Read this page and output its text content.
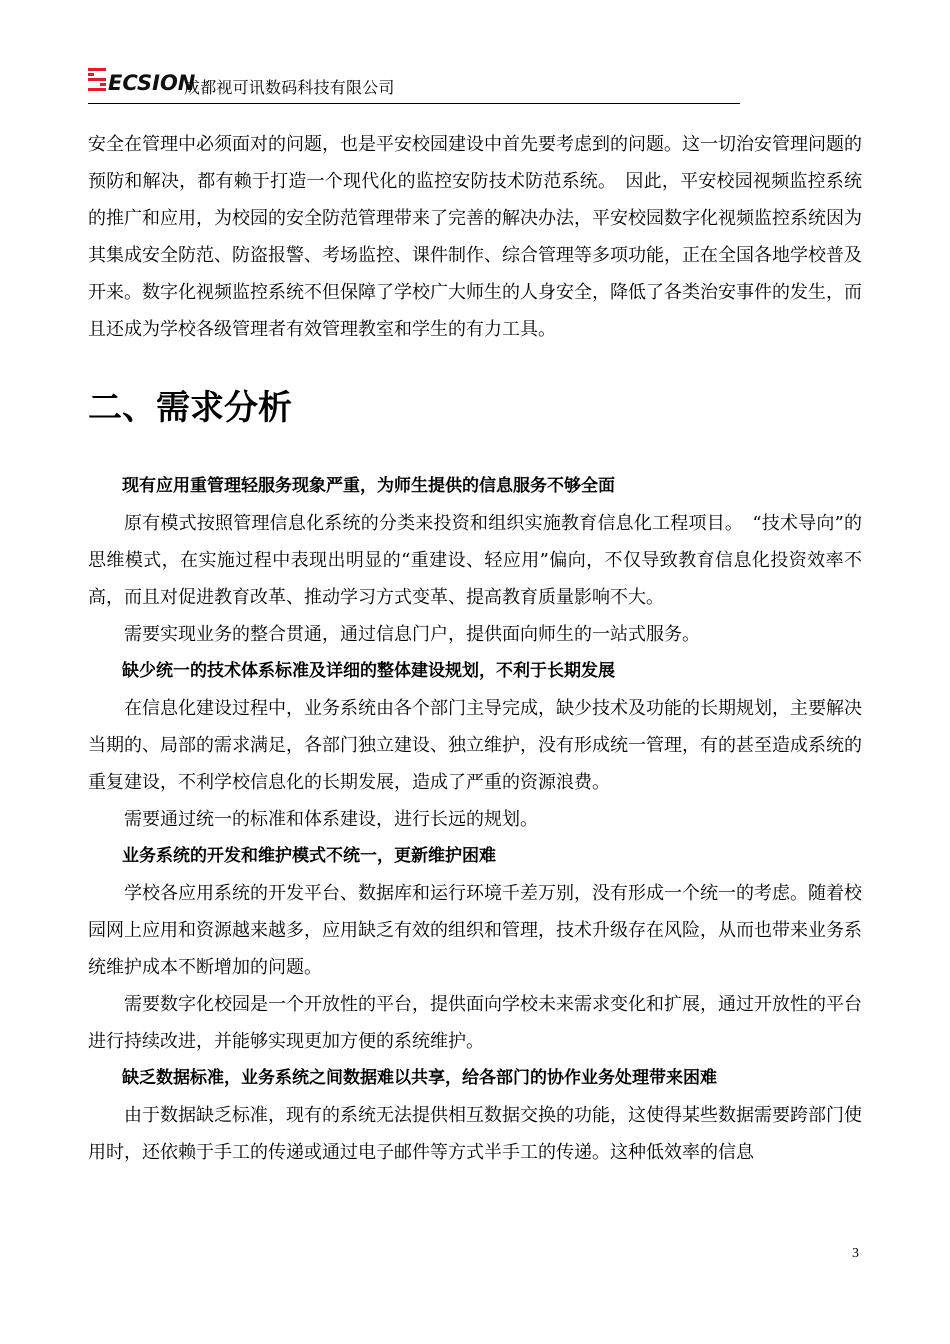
ECSION
成都视可讯数码科技有限公司

安全在管理中必须面对的问题，也是平安校园建设中首先要考虑到的问题。这一切治安管理问题的预防和解决，都有赖于打造一个现代化的监控安防技术防范系统。　因此，平安校园视频监控系统的推广和应用，为校园的安全防范管理带来了完善的解决办法，平安校园数字化视频监控系统因为其集成安全防范、防盗报警、考场监控、课件制作、综合管理等多项功能，正在全国各地学校普及开来。数字化视频监控系统不但保障了学校广大师生的人身安全，降低了各类治安事件的发生，而且还成为学校各级管理者有效管理教室和学生的有力工具。

二、需求分析

现有应用重管理轻服务现象严重，为师生提供的信息服务不够全面

原有模式按照管理信息化系统的分类来投资和组织实施教育信息化工程项目。　“技术导向”的思维模式，在实施过程中表现出明显的“重建设、轻应用”偏向，不仅导致教育信息化投资效率不高，而且对促进教育改革、推动学习方式变革、提高教育质量影响不大。

需要实现业务的整合贯通，通过信息门户，提供面向师生的一站式服务。

缺少统一的技术体系标准及详细的整体建设规划，不利于长期发展

在信息化建设过程中，业务系统由各个部门主导完成，缺少技术及功能的长期规划，主要解决当期的、局部的需求满足，各部门独立建设、独立维护，没有形成统一管理，有的甚至造成系统的重复建设，不利学校信息化的长期发展，造成了严重的资源浪费。

需要通过统一的标准和体系建设，进行长远的规划。

业务系统的开发和维护模式不统一，更新维护困难

学校各应用系统的开发平台、数据库和运行环境千差万别，没有形成一个统一的考虑。随着校园网上应用和资源越来越多，应用缺乏有效的组织和管理，技术升级存在风险，从而也带来业务系统维护成本不断增加的问题。

需要数字化校园是一个开放性的平台，提供面向学校未来需求变化和扩展，通过开放性的平台进行持续改进，并能够实现更加方便的系统维护。

缺乏数据标准，业务系统之间数据难以共享，给各部门的协作业务处理带来困难

由于数据缺乏标准，现有的系统无法提供相互数据交换的功能，这使得某些数据需要跨部门使用时，还依赖于手工的传递或通过电子邮件等方式半手工的传递。这种低效率的信息

3
